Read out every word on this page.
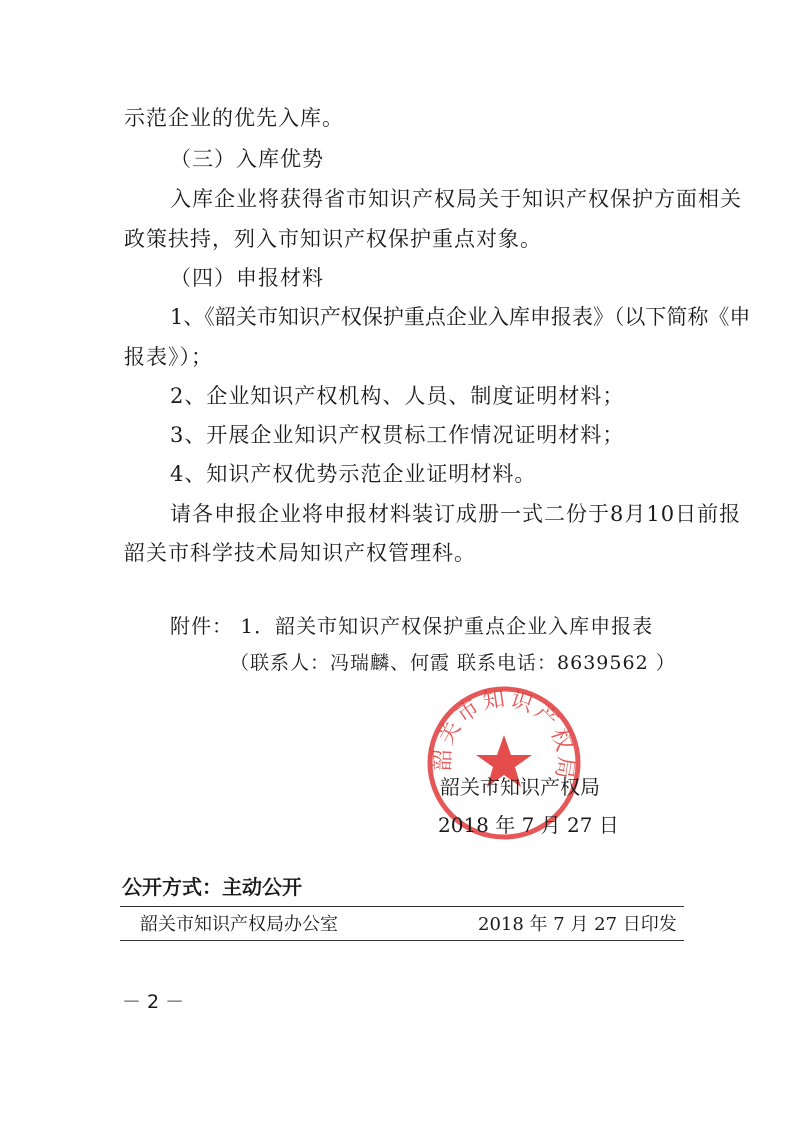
示范企业的优先入库。
（三）入库优势
入库企业将获得省市知识产权局关于知识产权保护方面相关
政策扶持，列入市知识产权保护重点对象。
（四）申报材料
1、《韶关市知识产权保护重点企业入库申报表》（以下简称《申
报表》）；
2、企业知识产权机构、人员、制度证明材料；
3、开展企业知识产权贯标工作情况证明材料；
4、知识产权优势示范企业证明材料。
请各申报企业将申报材料装订成册一式二份于8月10日前报
韶关市科学技术局知识产权管理科。
附件： 1．韶关市知识产权保护重点企业入库申报表
（联系人：冯瑞麟、何霞 联系电话：8639562 ）
韶关市知识产权局
韶关市知识产权局
2018 年 7 月 27 日
公开方式：主动公开
韶关市知识产权局办公室	2018 年 7 月 27 日印发
－ 2 －
